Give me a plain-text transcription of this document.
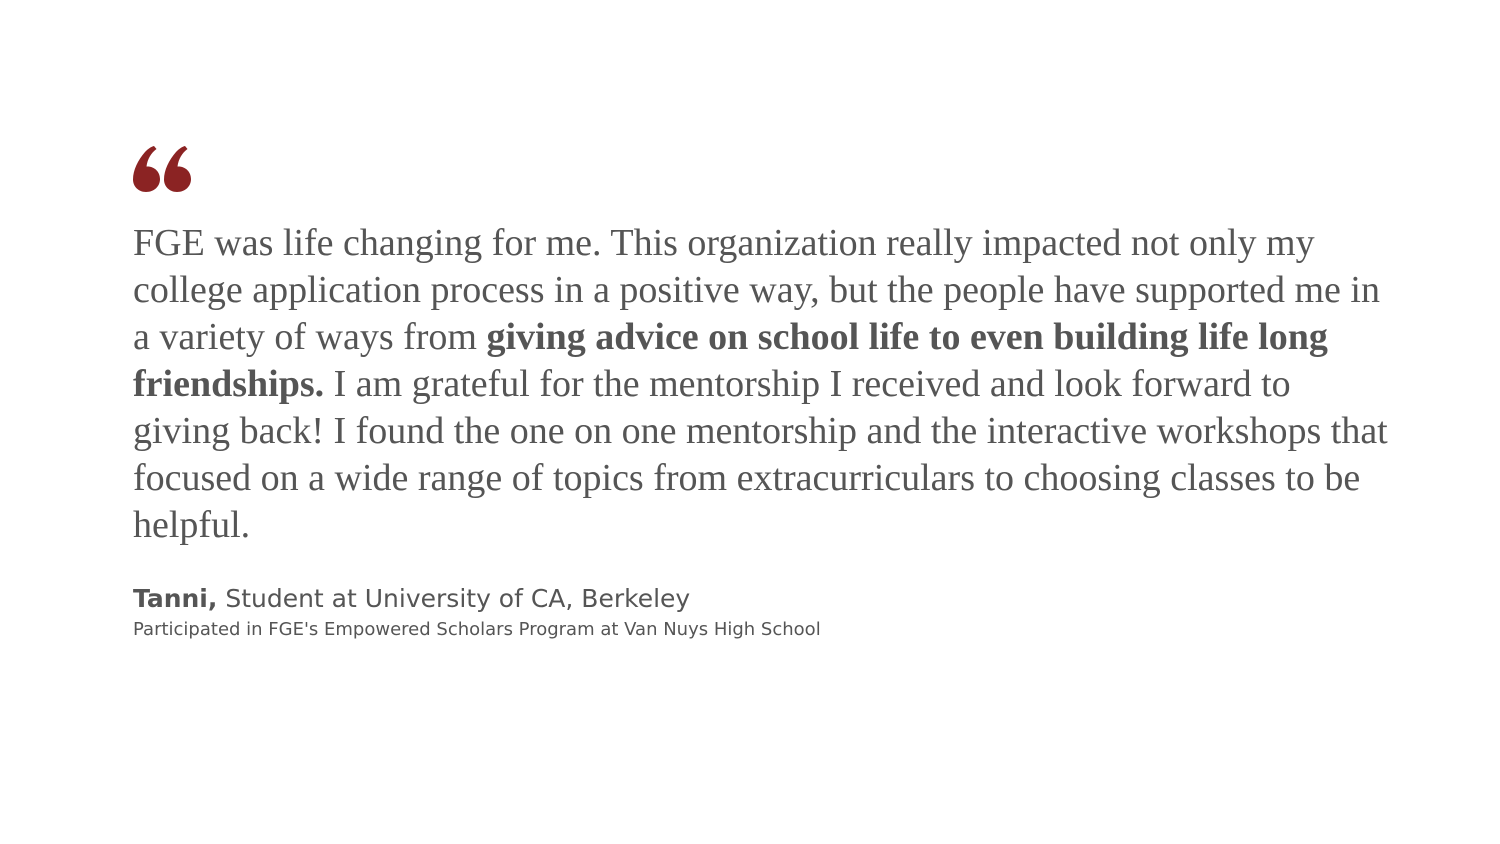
FGE was life changing for me. This organization really impacted not only my college application process in a positive way, but the people have supported me in a variety of ways from giving advice on school life to even building life long friendships. I am grateful for the mentorship I received and look forward to giving back! I found the one on one mentorship and the interactive workshops that focused on a wide range of topics from extracurriculars to choosing classes to be helpful.

Tanni, Student at University of CA, Berkeley
Participated in FGE's Empowered Scholars Program at Van Nuys High School
